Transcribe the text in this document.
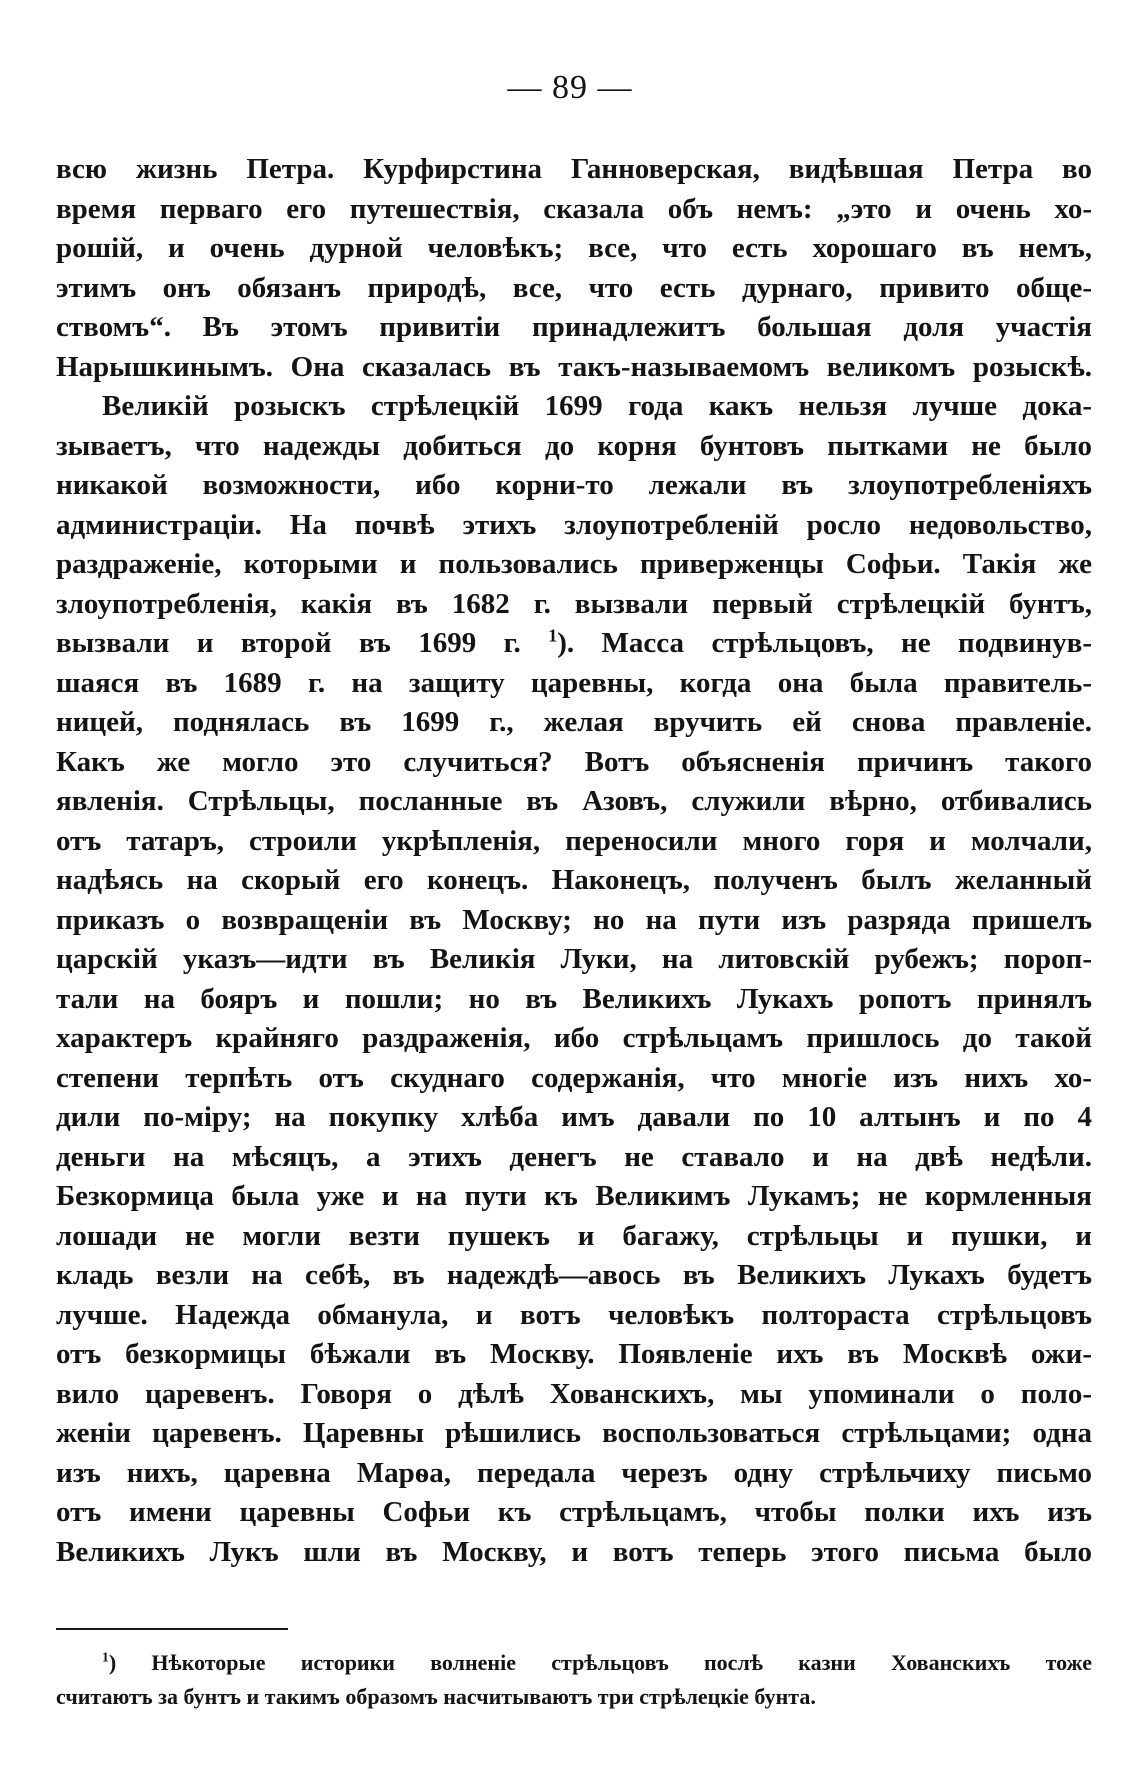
— 89 —
всю жизнь Петра. Курфирстина Ганноверская, видѣвшая Петра во
время перваго его путешествія, сказала объ немъ: „это и очень хо-
рошій, и очень дурной человѣкъ; все, что есть хорошаго въ немъ,
этимъ онъ обязанъ природѣ, все, что есть дурнаго, привито обще-
ствомъ“. Въ этомъ привитіи принадлежитъ большая доля участія
Нарышкинымъ. Она сказалась въ такъ-называемомъ великомъ розыскѣ.
Великій розыскъ стрѣлецкій 1699 года какъ нельзя лучше дока-
зываетъ, что надежды добиться до корня бунтовъ пытками не было
никакой возможности, ибо корни-то лежали въ злоупотребленіяхъ
администраціи. На почвѣ этихъ злоупотребленій росло недовольство,
раздраженіе, которыми и пользовались приверженцы Софьи. Такія же
злоупотребленія, какія въ 1682 г. вызвали первый стрѣлецкій бунтъ,
вызвали и второй въ 1699 г. $^1$). Масса стрѣльцовъ, не подвинув-
шаяся въ 1689 г. на защиту царевны, когда она была правитель-
ницей, поднялась въ 1699 г., желая вручить ей снова правленіе.
Какъ же могло это случиться? Вотъ объясненія причинъ такого
явленія. Стрѣльцы, посланные въ Азовъ, служили вѣрно, отбивались
отъ татаръ, строили укрѣпленія, переносили много горя и молчали,
надѣясь на скорый его конецъ. Наконецъ, полученъ былъ желанный
приказъ о возвращеніи въ Москву; но на пути изъ разряда пришелъ
царскій указъ—идти въ Великія Луки, на литовскій рубежъ; пороп-
тали на бояръ и пошли; но въ Великихъ Лукахъ ропотъ принялъ
характеръ крайняго раздраженія, ибо стрѣльцамъ пришлось до такой
степени терпѣть отъ скуднаго содержанія, что многіе изъ нихъ хо-
дили по-міру; на покупку хлѣба имъ давали по 10 алтынъ и по 4
деньги на мѣсяцъ, а этихъ денегъ не ставало и на двѣ недѣли.
Безкормица была уже и на пути къ Великимъ Лукамъ; не кормленныя
лошади не могли везти пушекъ и багажу, стрѣльцы и пушки, и
кладь везли на себѣ, въ надеждѣ—авось въ Великихъ Лукахъ будетъ
лучше. Надежда обманула, и вотъ человѣкъ полтораста стрѣльцовъ
отъ безкормицы бѣжали въ Москву. Появленіе ихъ въ Москвѣ ожи-
вило царевенъ. Говоря о дѣлѣ Хованскихъ, мы упоминали о поло-
женіи царевенъ. Царевны рѣшились воспользоваться стрѣльцами; одна
изъ нихъ, царевна Марѳа, передала черезъ одну стрѣльчиху письмо
отъ имени царевны Софьи къ стрѣльцамъ, чтобы полки ихъ изъ
Великихъ Лукъ шли въ Москву, и вотъ теперь этого письма было
$^1$) Нѣкоторые историки волненіе стрѣльцовъ послѣ казни Хованскихъ тоже
считаютъ за бунтъ и такимъ образомъ насчитываютъ три стрѣлецкіе бунта.
